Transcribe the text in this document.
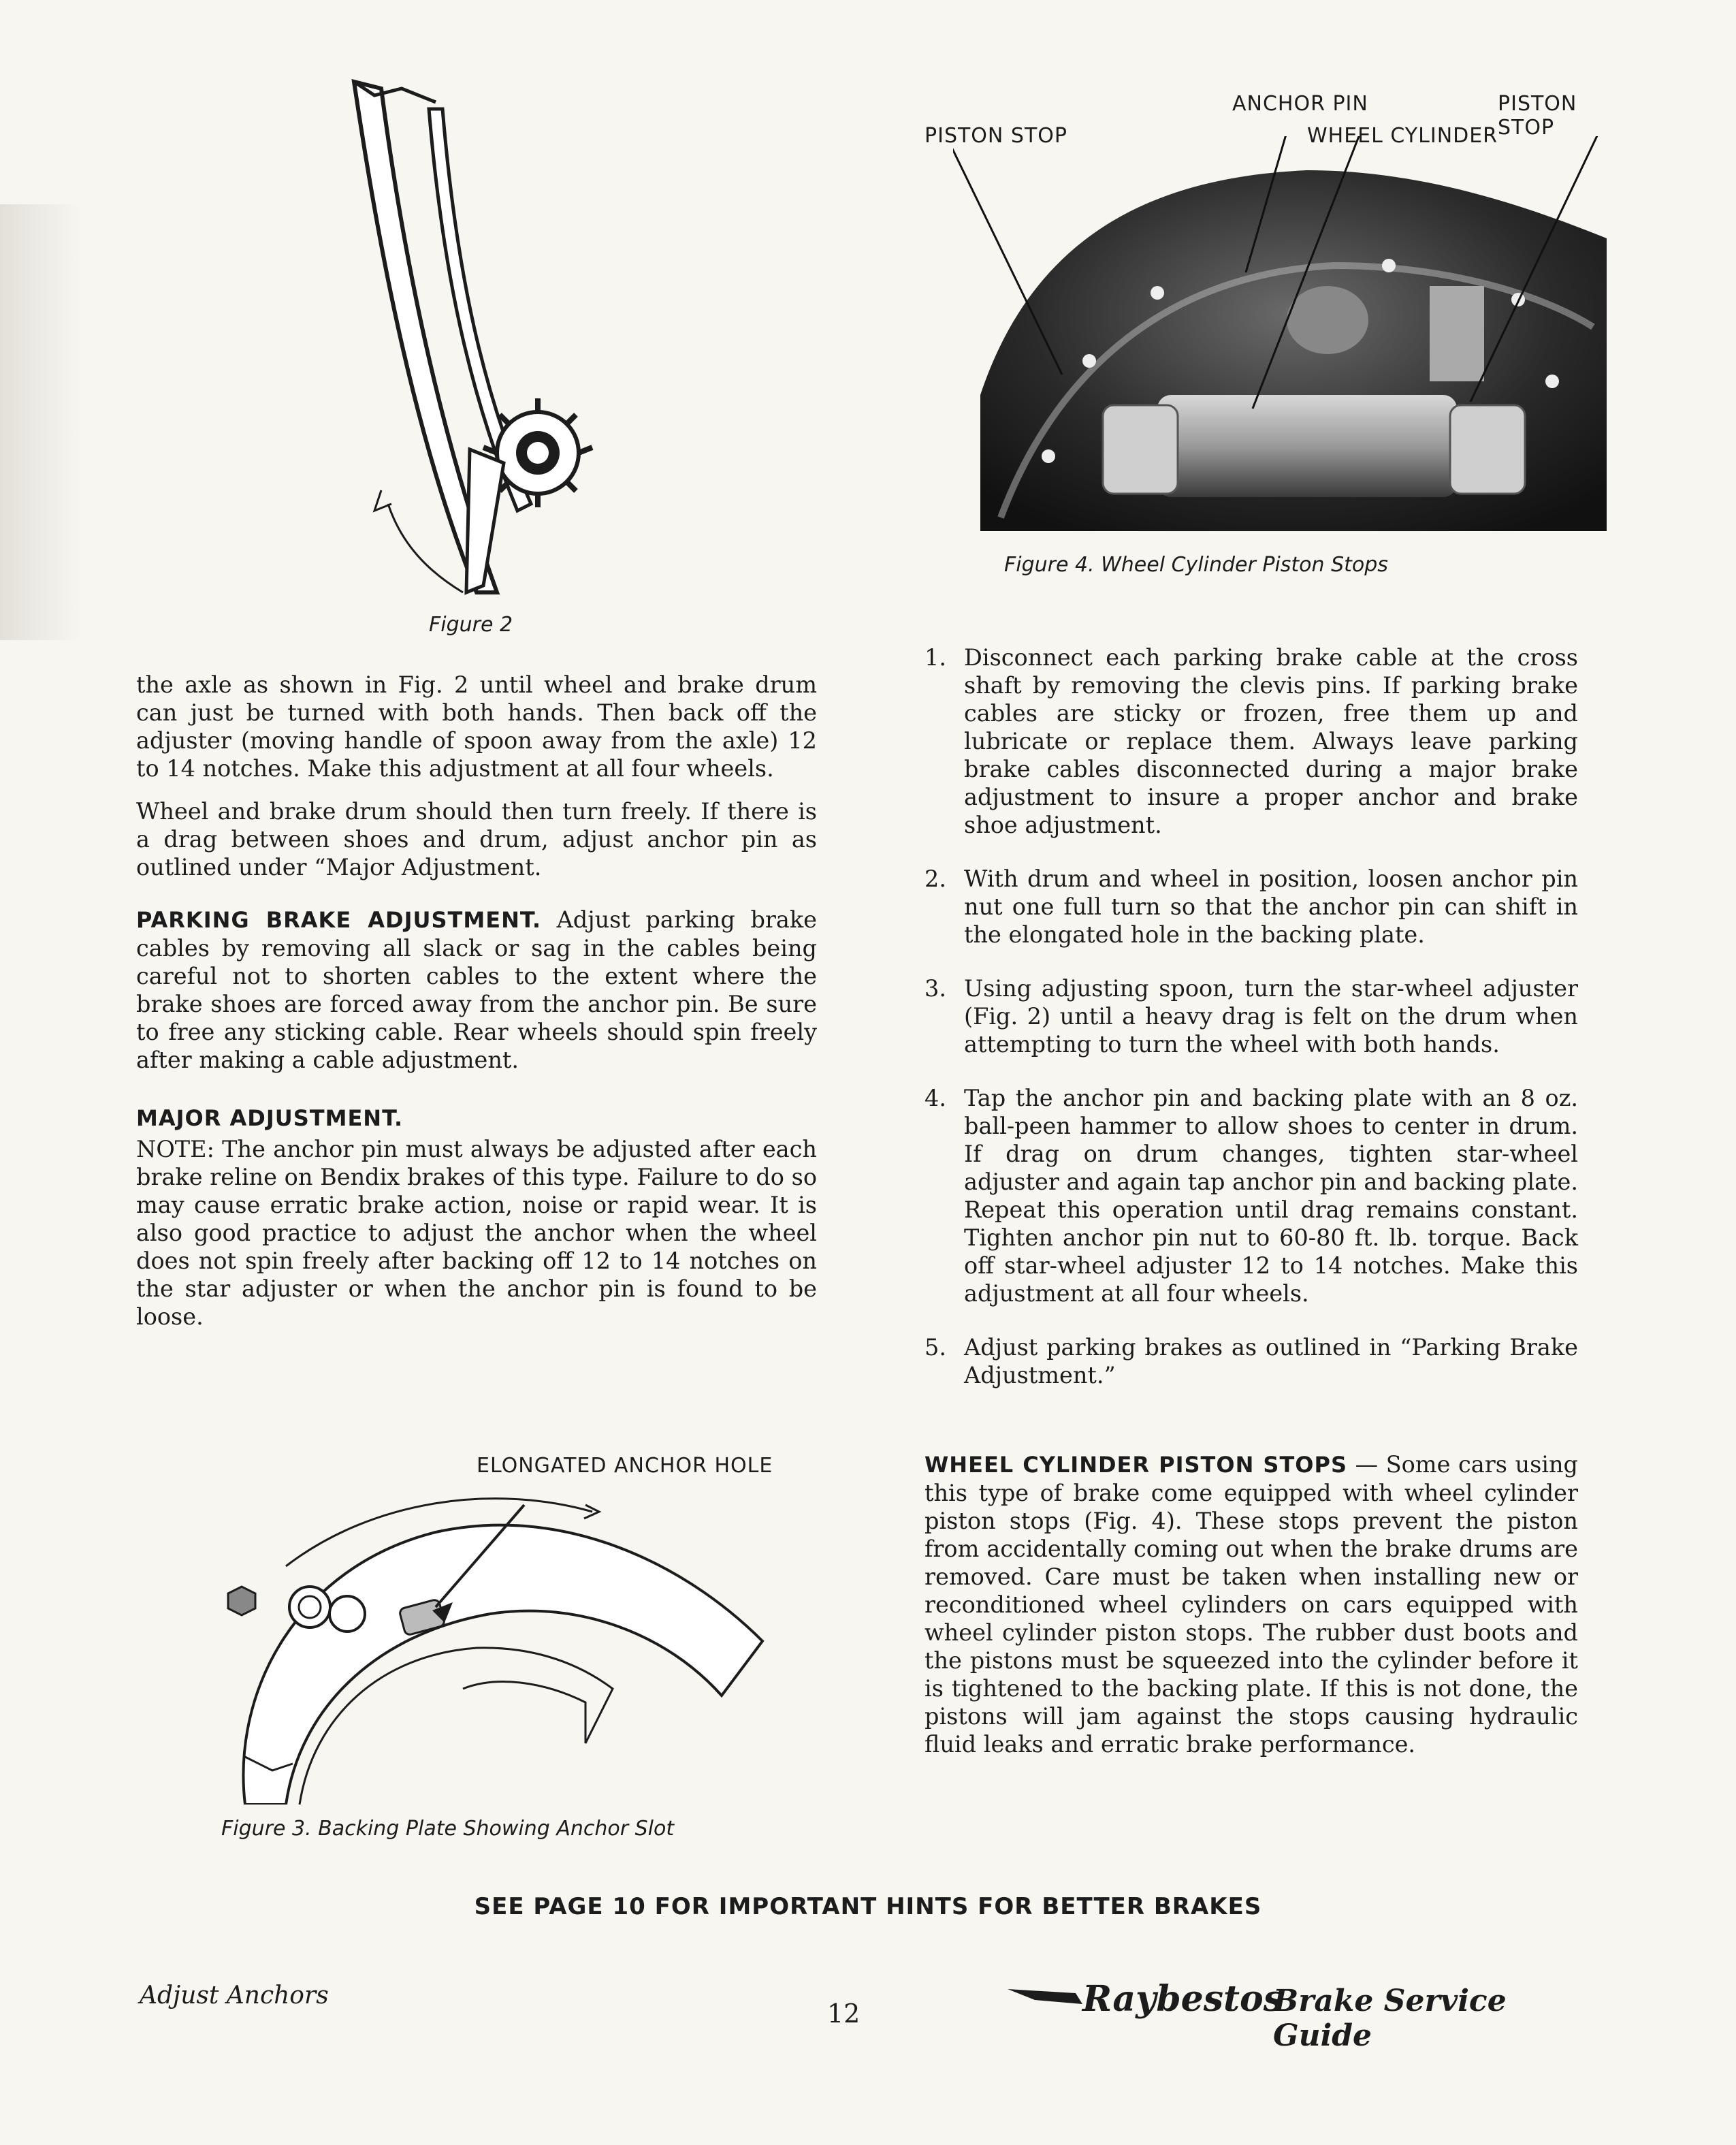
Figure 2
PISTON STOP
ANCHOR PIN	PISTON STOP
WHEEL CYLINDER
Figure 4. Wheel Cylinder Piston Stops

the axle as shown in Fig. 2 until wheel and brake drum can just be turned with both hands. Then back off the adjuster (moving handle of spoon away from the axle) 12 to 14 notches. Make this adjustment at all four wheels.

Wheel and brake drum should then turn freely. If there is a drag between shoes and drum, adjust anchor pin as outlined under “Major Adjustment.

PARKING BRAKE ADJUSTMENT. Adjust parking brake cables by removing all slack or sag in the cables being careful not to shorten cables to the extent where the brake shoes are forced away from the anchor pin. Be sure to free any sticking cable. Rear wheels should spin freely after making a cable adjustment.

MAJOR ADJUSTMENT.

NOTE: The anchor pin must always be adjusted after each brake reline on Bendix brakes of this type. Failure to do so may cause erratic brake action, noise or rapid wear. It is also good practice to adjust the anchor when the wheel does not spin freely after backing off 12 to 14 notches on the star adjuster or when the anchor pin is found to be loose.

ELONGATED ANCHOR HOLE
Figure 3. Backing Plate Showing Anchor Slot
1. Disconnect each parking brake cable at the cross shaft by removing the clevis pins. If parking brake cables are sticky or frozen, free them up and lubricate or replace them. Always leave parking brake cables disconnected during a major brake adjustment to insure a proper anchor and brake shoe adjustment.
2. With drum and wheel in position, loosen anchor pin nut one full turn so that the anchor pin can shift in the elongated hole in the backing plate.
3. Using adjusting spoon, turn the star-wheel adjuster (Fig. 2) until a heavy drag is felt on the drum when attempting to turn the wheel with both hands.
4. Tap the anchor pin and backing plate with an 8 oz. ball-peen hammer to allow shoes to center in drum. If drag on drum changes, tighten star-wheel adjuster and again tap anchor pin and backing plate. Repeat this operation until drag remains constant. Tighten anchor pin nut to 60-80 ft. lb. torque. Back off star-wheel adjuster 12 to 14 notches. Make this adjustment at all four wheels.
5. Adjust parking brakes as outlined in “Parking Brake Adjustment.”

WHEEL CYLINDER PISTON STOPS — Some cars using this type of brake come equipped with wheel cylinder piston stops (Fig. 4). These stops prevent the piston from accidentally coming out when the brake drums are removed. Care must be taken when installing new or reconditioned wheel cylinders on cars equipped with wheel cylinder piston stops. The rubber dust boots and the pistons must be squeezed into the cylinder before it is tightened to the backing plate. If this is not done, the pistons will jam against the stops causing hydraulic fluid leaks and erratic brake performance.

SEE PAGE 10 FOR IMPORTANT HINTS FOR BETTER BRAKES
Adjust Anchors
12	Raybestos
Brake Service Guide
